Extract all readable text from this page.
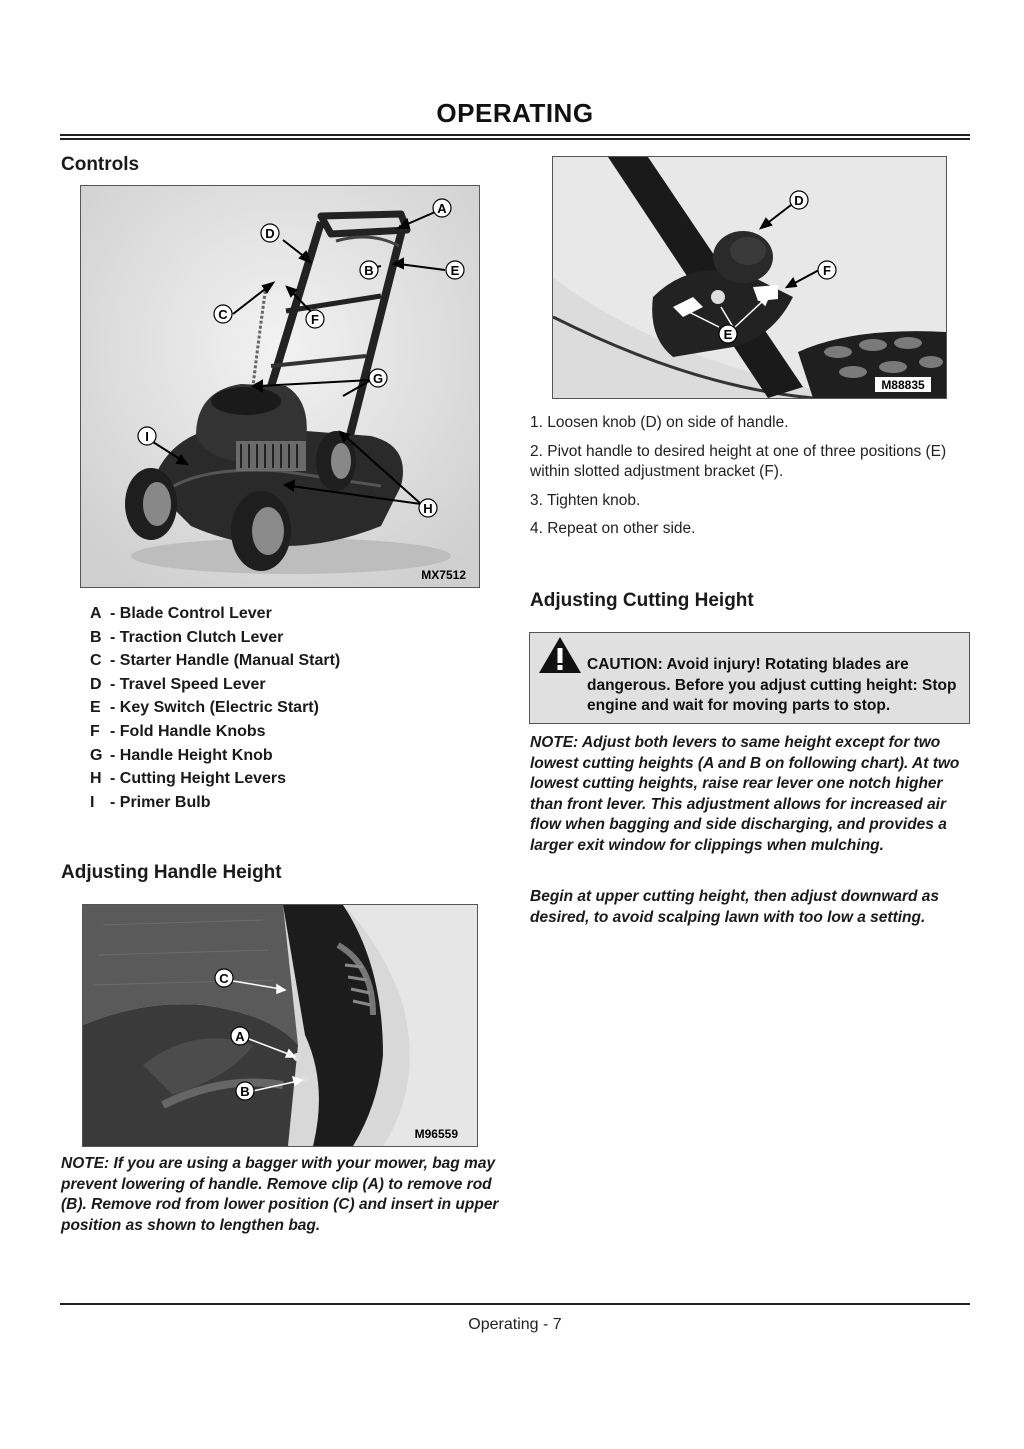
OPERATING
Controls
A
B
C
D
E
F
G
H
I
MX7512
A - Blade Control Lever
B - Traction Clutch Lever
C - Starter Handle (Manual Start)
D - Travel Speed Lever
E - Key Switch (Electric Start)
F - Fold Handle Knobs
G - Handle Height Knob
H - Cutting Height Levers
I - Primer Bulb
Adjusting Handle Height
C
A
B
M96559
NOTE: If you are using a bagger with your mower, bag may prevent lowering of handle. Remove clip (A) to remove rod (B). Remove rod from lower position (C) and insert in upper position as shown to lengthen bag.
D
F
E
M88835
1. Loosen knob (D) on side of handle.
2. Pivot handle to desired height at one of three positions (E) within slotted adjustment bracket (F).
3. Tighten knob.
4. Repeat on other side.
Adjusting Cutting Height
CAUTION: Avoid injury! Rotating blades are dangerous. Before you adjust cutting height: Stop engine and wait for moving parts to stop.
NOTE: Adjust both levers to same height except for two lowest cutting heights (A and B on following chart). At two lowest cutting heights, raise rear lever one notch higher than front lever. This adjustment allows for increased air flow when bagging and side discharging, and provides a larger exit window for clippings when mulching.
Begin at upper cutting height, then adjust downward as desired, to avoid scalping lawn with too low a setting.
Operating - 7
